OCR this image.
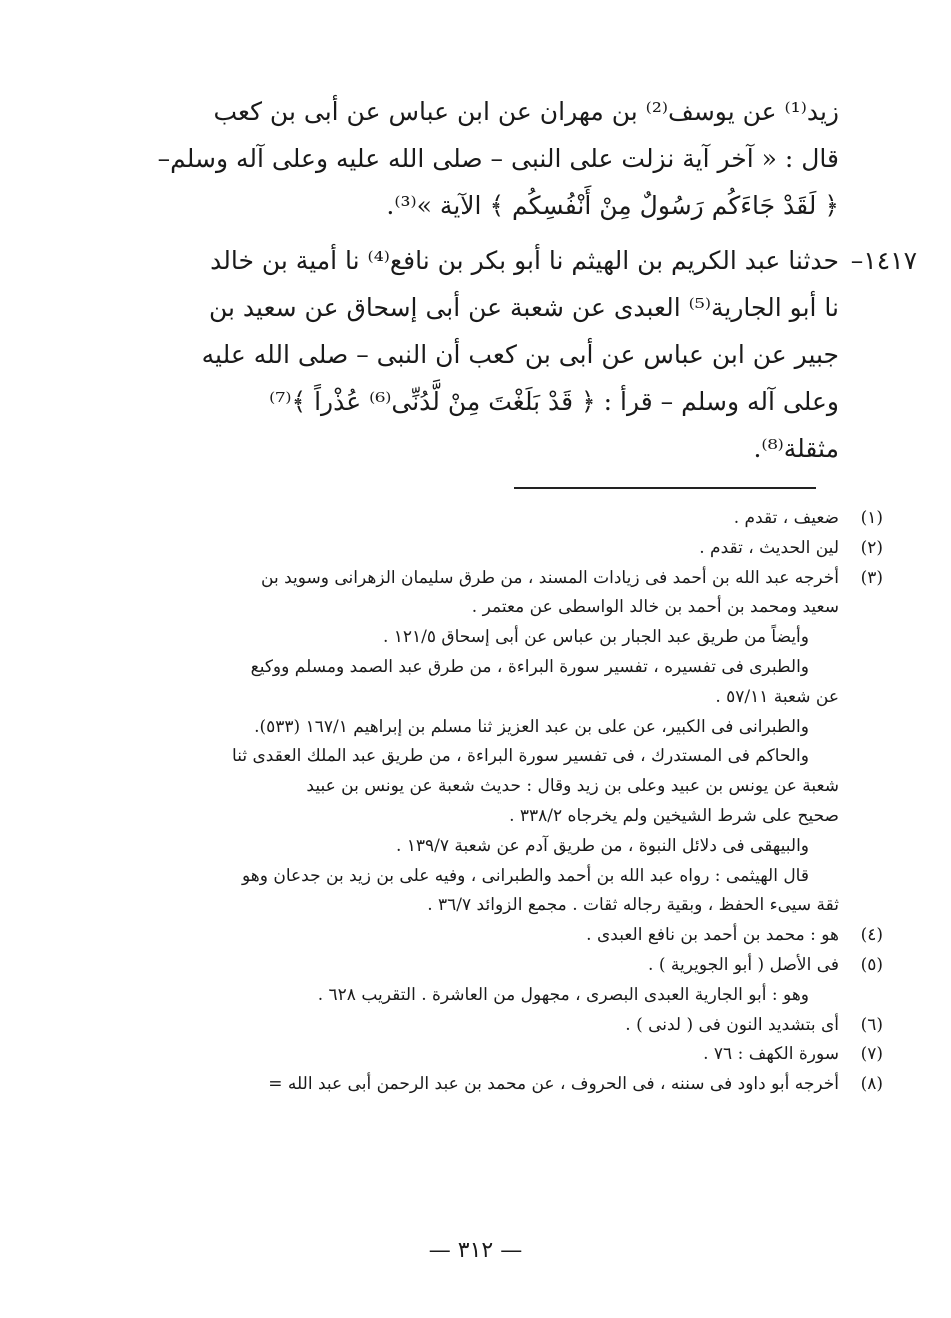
زيد⁽¹⁾ عن يوسف⁽²⁾ بن مهران عن ابن عباس عن أبى بن كعب
قال : « آخر آية نزلت على النبى – صلى الله عليه وعلى آله وسلم–
﴿ لَقَدْ جَاءَكُم رَسُولٌ مِنْ أَنْفُسِكُم ﴾ الآية »⁽³⁾.
١٤١٧–
حدثنا عبد الكريم بن الهيثم نا أبو بكر بن نافع⁽⁴⁾ نا أمية بن خالد
نا أبو الجارية⁽⁵⁾ العبدى عن شعبة عن أبى إسحاق عن سعيد بن
جبير عن ابن عباس عن أبى بن كعب أن النبى – صلى الله عليه
وعلى آله وسلم – قرأ : ﴿ قَدْ بَلَغْتَ مِنْ لَّدُنِّى⁽⁶⁾ عُذْراً ﴾⁽⁷⁾
مثقلة⁽⁸⁾.
(١)
ضعيف ، تقدم .
(٢)
لين الحديث ، تقدم .
(٣)
أخرجه عبد الله بن أحمد فى زيادات المسند ، من طرق سليمان الزهرانى وسويد بن
سعيد ومحمد بن أحمد بن خالد الواسطى عن معتمر .
وأيضاً من طريق عبد الجبار بن عباس عن أبى إسحاق ١٢١/٥ .
والطبرى فى تفسيره ، تفسير سورة البراءة ، من طرق عبد الصمد ومسلم ووكيع
عن شعبة ٥٧/١١ .
والطبرانى فى الكبير، عن على بن عبد العزيز ثنا مسلم بن إبراهيم ١٦٧/١ (٥٣٣).
والحاكم فى المستدرك ، فى تفسير سورة البراءة ، من طريق عبد الملك العقدى ثنا
شعبة عن يونس بن عبيد وعلى بن زيد وقال : حديث شعبة عن يونس بن عبيد
صحيح على شرط الشيخين ولم يخرجاه ٣٣٨/٢ .
والبيهقى فى دلائل النبوة ، من طريق آدم عن شعبة ١٣٩/٧ .
قال الهيثمى : رواه عبد الله بن أحمد والطبرانى ، وفيه على بن زيد بن جدعان وهو
ثقة سيىء الحفظ ، وبقية رجاله ثقات . مجمع الزوائد ٣٦/٧ .
(٤)
هو : محمد بن أحمد بن نافع العبدى .
(٥)
فى الأصل ( أبو الجويرية ) .
وهو : أبو الجارية العبدى البصرى ، مجهول من العاشرة . التقريب ٦٢٨ .
(٦)
أى بتشديد النون فى ( لدنى ) .
(٧)
سورة الكهف : ٧٦ .
(٨)
أخرجه أبو داود فى سننه ، فى الحروف ، عن محمد بن عبد الرحمن أبى عبد الله =
— ٣١٢ —
